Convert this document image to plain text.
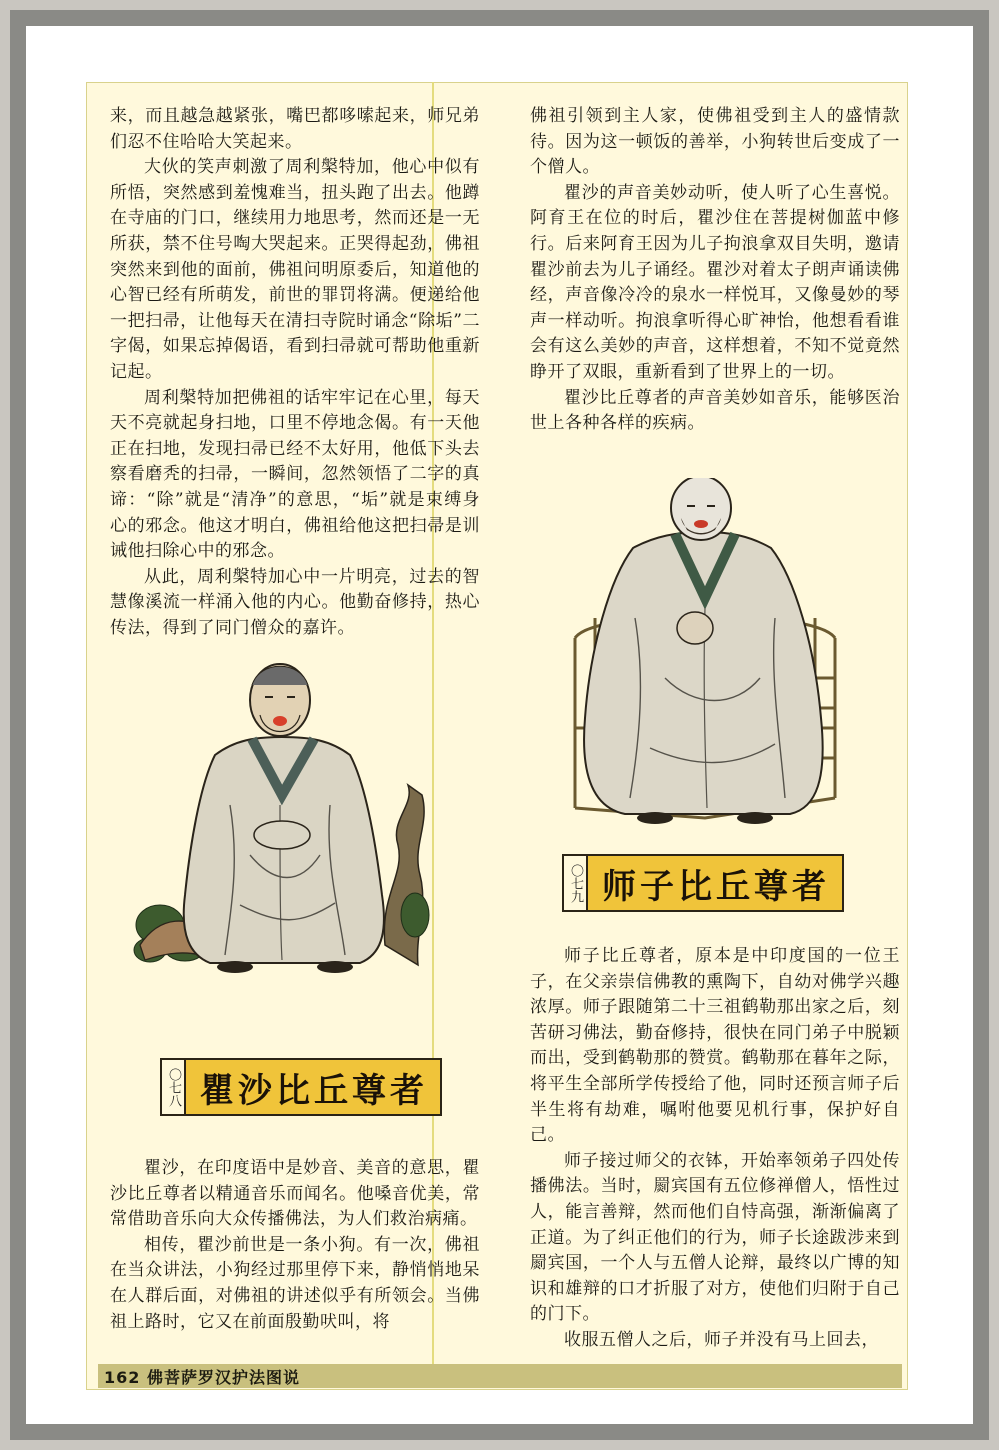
来，而且越急越紧张，嘴巴都哆嗦起来，师兄弟们忍不住哈哈大笑起来。

大伙的笑声刺激了周利槃特加，他心中似有所悟，突然感到羞愧难当，扭头跑了出去。他蹲在寺庙的门口，继续用力地思考，然而还是一无所获，禁不住号啕大哭起来。正哭得起劲，佛祖突然来到他的面前，佛祖问明原委后，知道他的心智已经有所萌发，前世的罪罚将满。便递给他一把扫帚，让他每天在清扫寺院时诵念“除垢”二字偈，如果忘掉偈语，看到扫帚就可帮助他重新记起。

周利槃特加把佛祖的话牢牢记在心里，每天天不亮就起身扫地，口里不停地念偈。有一天他正在扫地，发现扫帚已经不太好用，他低下头去察看磨秃的扫帚，一瞬间，忽然领悟了二字的真谛：“除”就是“清净”的意思，“垢”就是束缚身心的邪念。他这才明白，佛祖给他这把扫帚是训诫他扫除心中的邪念。

从此，周利槃特加心中一片明亮，过去的智慧像溪流一样涌入他的内心。他勤奋修持，热心传法，得到了同门僧众的嘉许。

〇七八 瞿沙比丘尊者

瞿沙，在印度语中是妙音、美音的意思，瞿沙比丘尊者以精通音乐而闻名。他嗓音优美，常常借助音乐向大众传播佛法，为人们救治病痛。

相传，瞿沙前世是一条小狗。有一次，佛祖在当众讲法，小狗经过那里停下来，静悄悄地呆在人群后面，对佛祖的讲述似乎有所领会。当佛祖上路时，它又在前面殷勤吠叫，将

佛祖引领到主人家，使佛祖受到主人的盛情款待。因为这一顿饭的善举，小狗转世后变成了一个僧人。

瞿沙的声音美妙动听，使人听了心生喜悦。阿育王在位的时后，瞿沙住在菩提树伽蓝中修行。后来阿育王因为儿子拘浪拿双目失明，邀请瞿沙前去为儿子诵经。瞿沙对着太子朗声诵读佛经，声音像冷冷的泉水一样悦耳，又像曼妙的琴声一样动听。拘浪拿听得心旷神怡，他想看看谁会有这么美妙的声音，这样想着，不知不觉竟然睁开了双眼，重新看到了世界上的一切。

瞿沙比丘尊者的声音美妙如音乐，能够医治世上各种各样的疾病。

〇七九 师子比丘尊者

师子比丘尊者，原本是中印度国的一位王子，在父亲崇信佛教的熏陶下，自幼对佛学兴趣浓厚。师子跟随第二十三祖鹤勒那出家之后，刻苦研习佛法，勤奋修持，很快在同门弟子中脱颖而出，受到鹤勒那的赞赏。鹤勒那在暮年之际，将平生全部所学传授给了他，同时还预言师子后半生将有劫难，嘱咐他要见机行事，保护好自己。

师子接过师父的衣钵，开始率领弟子四处传播佛法。当时，罽宾国有五位修禅僧人，悟性过人，能言善辩，然而他们自恃高强，渐渐偏离了正道。为了纠正他们的行为，师子长途跋涉来到罽宾国，一个人与五僧人论辩，最终以广博的知识和雄辩的口才折服了对方，使他们归附于自己的门下。

收服五僧人之后，师子并没有马上回去，

162 佛菩萨罗汉护法图说
